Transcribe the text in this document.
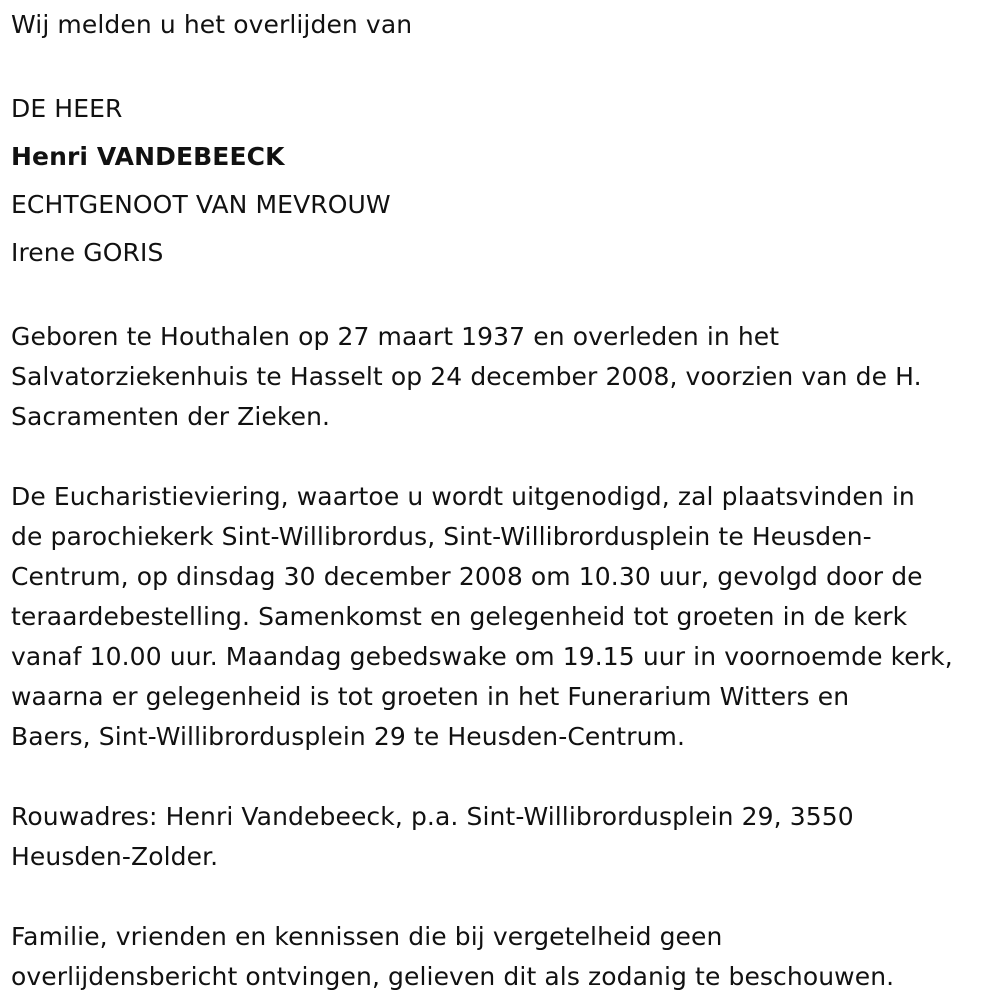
Wij melden u het overlijden van
DE HEER
Henri VANDEBEECK
ECHTGENOOT VAN MEVROUW
Irene GORIS
Geboren te Houthalen op 27 maart 1937 en overleden in het
Salvatorziekenhuis te Hasselt op 24 december 2008, voorzien van de H.
Sacramenten der Zieken.
De Eucharistieviering, waartoe u wordt uitgenodigd, zal plaatsvinden in
de parochiekerk Sint-Willibrordus, Sint-Willibrordusplein te Heusden-
Centrum, op dinsdag 30 december 2008 om 10.30 uur, gevolgd door de
teraardebestelling. Samenkomst en gelegenheid tot groeten in de kerk
vanaf 10.00 uur. Maandag gebedswake om 19.15 uur in voornoemde kerk,
waarna er gelegenheid is tot groeten in het Funerarium Witters en
Baers, Sint-Willibrordusplein 29 te Heusden-Centrum.
Rouwadres: Henri Vandebeeck, p.a. Sint-Willibrordusplein 29, 3550
Heusden-Zolder.
Familie, vrienden en kennissen die bij vergetelheid geen
overlijdensbericht ontvingen, gelieven dit als zodanig te beschouwen.
